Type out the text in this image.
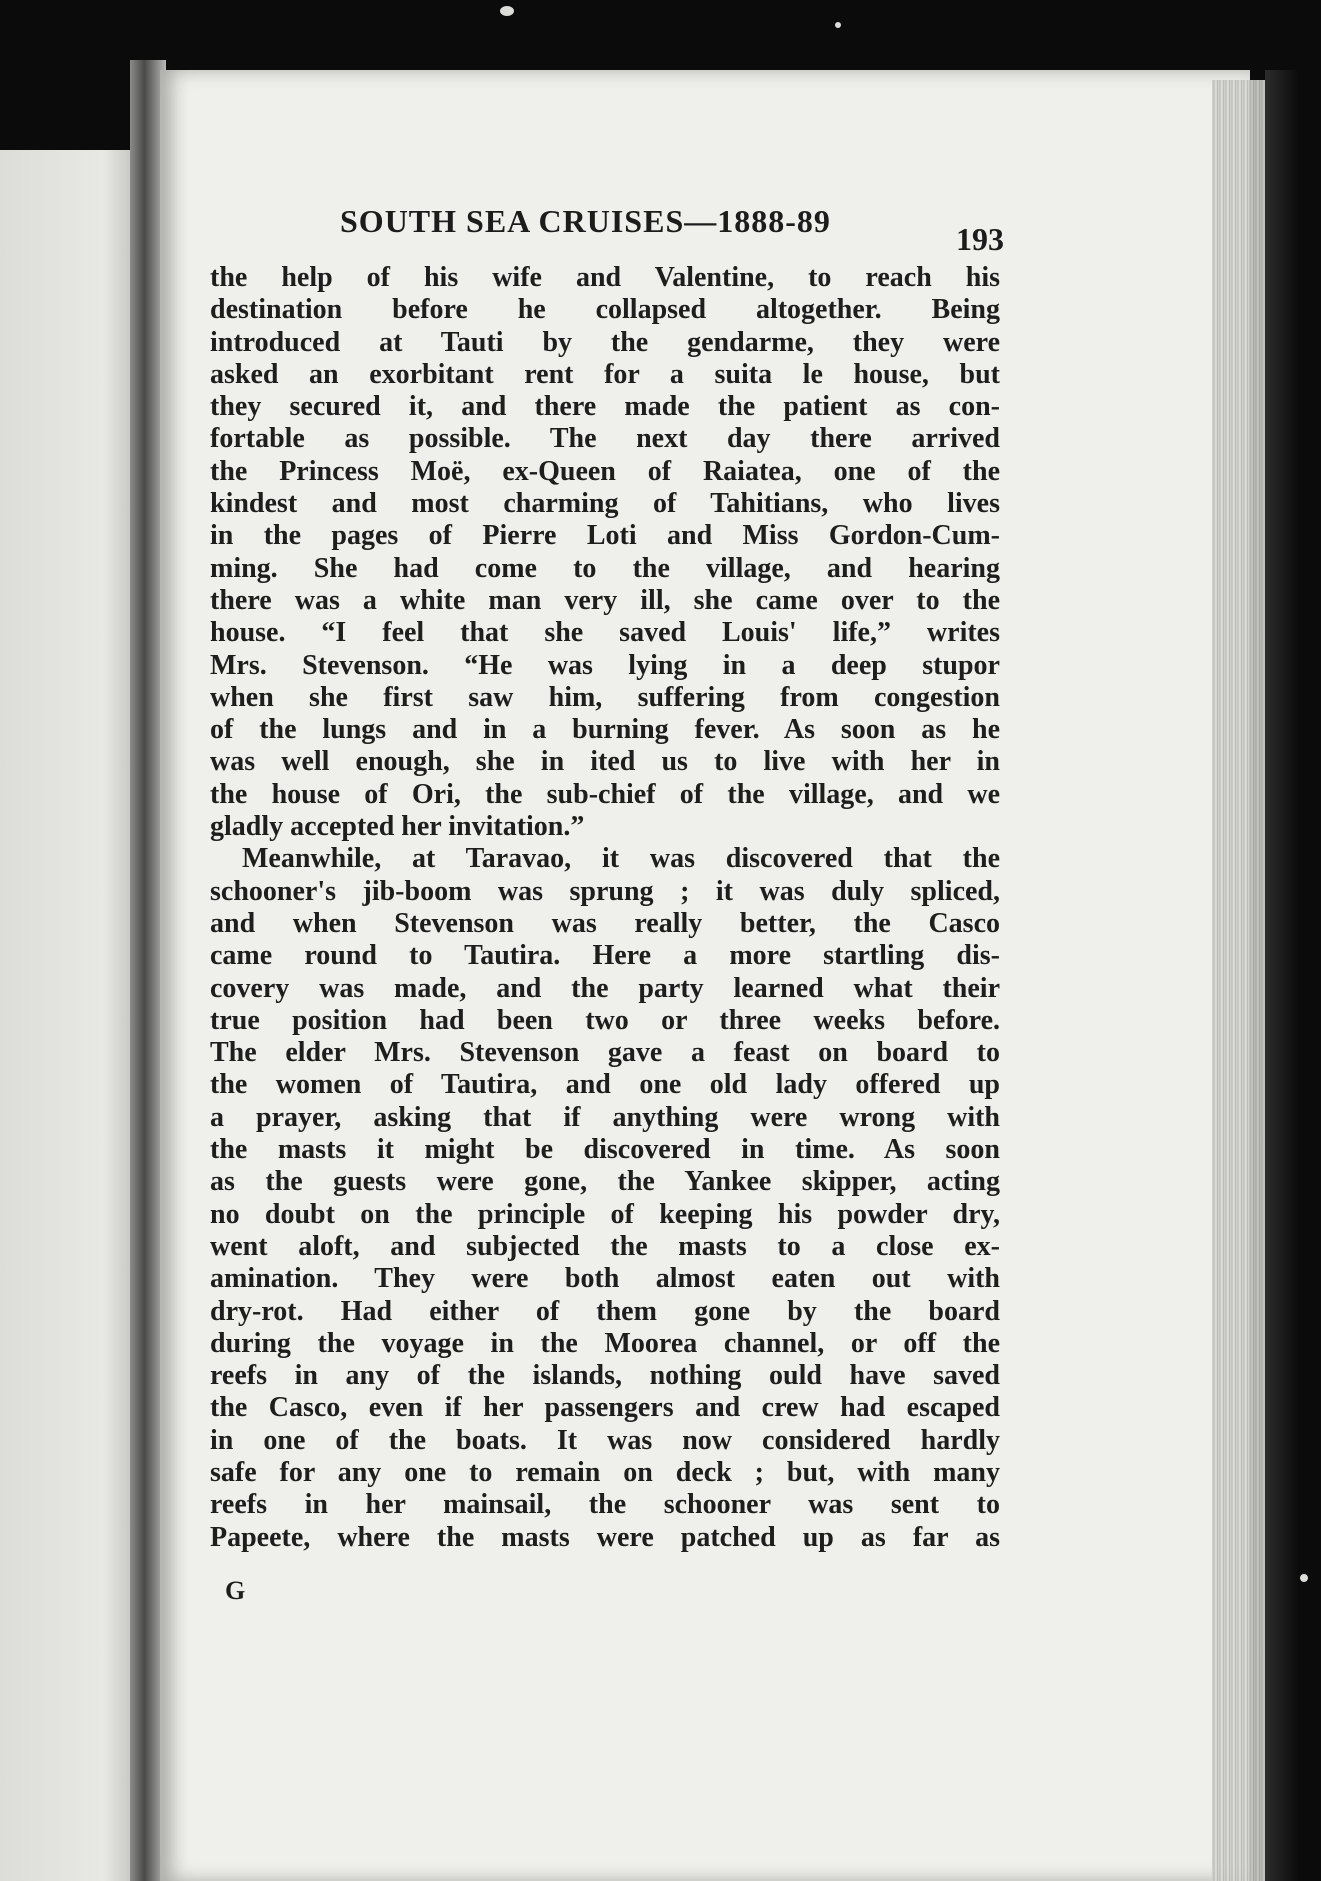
SOUTH SEA CRUISES—1888-89	193
the help of his wife and Valentine, to reach his
destination before he collapsed altogether. Being
introduced at Tauti by the gendarme, they were
asked an exorbitant rent for a suita le house, but
they secured it, and there made the patient as con-
fortable as possible. The next day there arrived
the Princess Moë, ex-Queen of Raiatea, one of the
kindest and most charming of Tahitians, who lives
in the pages of Pierre Loti and Miss Gordon-Cum-
ming. She had come to the village, and hearing
there was a white man very ill, she came over to the
house. “I feel that she saved Louis' life,” writes
Mrs. Stevenson. “He was lying in a deep stupor
when she first saw him, suffering from congestion
of the lungs and in a burning fever. As soon as he
was well enough, she in ited us to live with her in
the house of Ori, the sub-chief of the village, and we
gladly accepted her invitation.”
Meanwhile, at Taravao, it was discovered that the
schooner's jib-boom was sprung ; it was duly spliced,
and when Stevenson was really better, the Casco
came round to Tautira. Here a more startling dis-
covery was made, and the party learned what their
true position had been two or three weeks before.
The elder Mrs. Stevenson gave a feast on board to
the women of Tautira, and one old lady offered up
a prayer, asking that if anything were wrong with
the masts it might be discovered in time. As soon
as the guests were gone, the Yankee skipper, acting
no doubt on the principle of keeping his powder dry,
went aloft, and subjected the masts to a close ex-
amination. They were both almost eaten out with
dry-rot. Had either of them gone by the board
during the voyage in the Moorea channel, or off the
reefs in any of the islands, nothing ould have saved
the Casco, even if her passengers and crew had escaped
in one of the boats. It was now considered hardly
safe for any one to remain on deck ; but, with many
reefs in her mainsail, the schooner was sent to
Papeete, where the masts were patched up as far as
G
